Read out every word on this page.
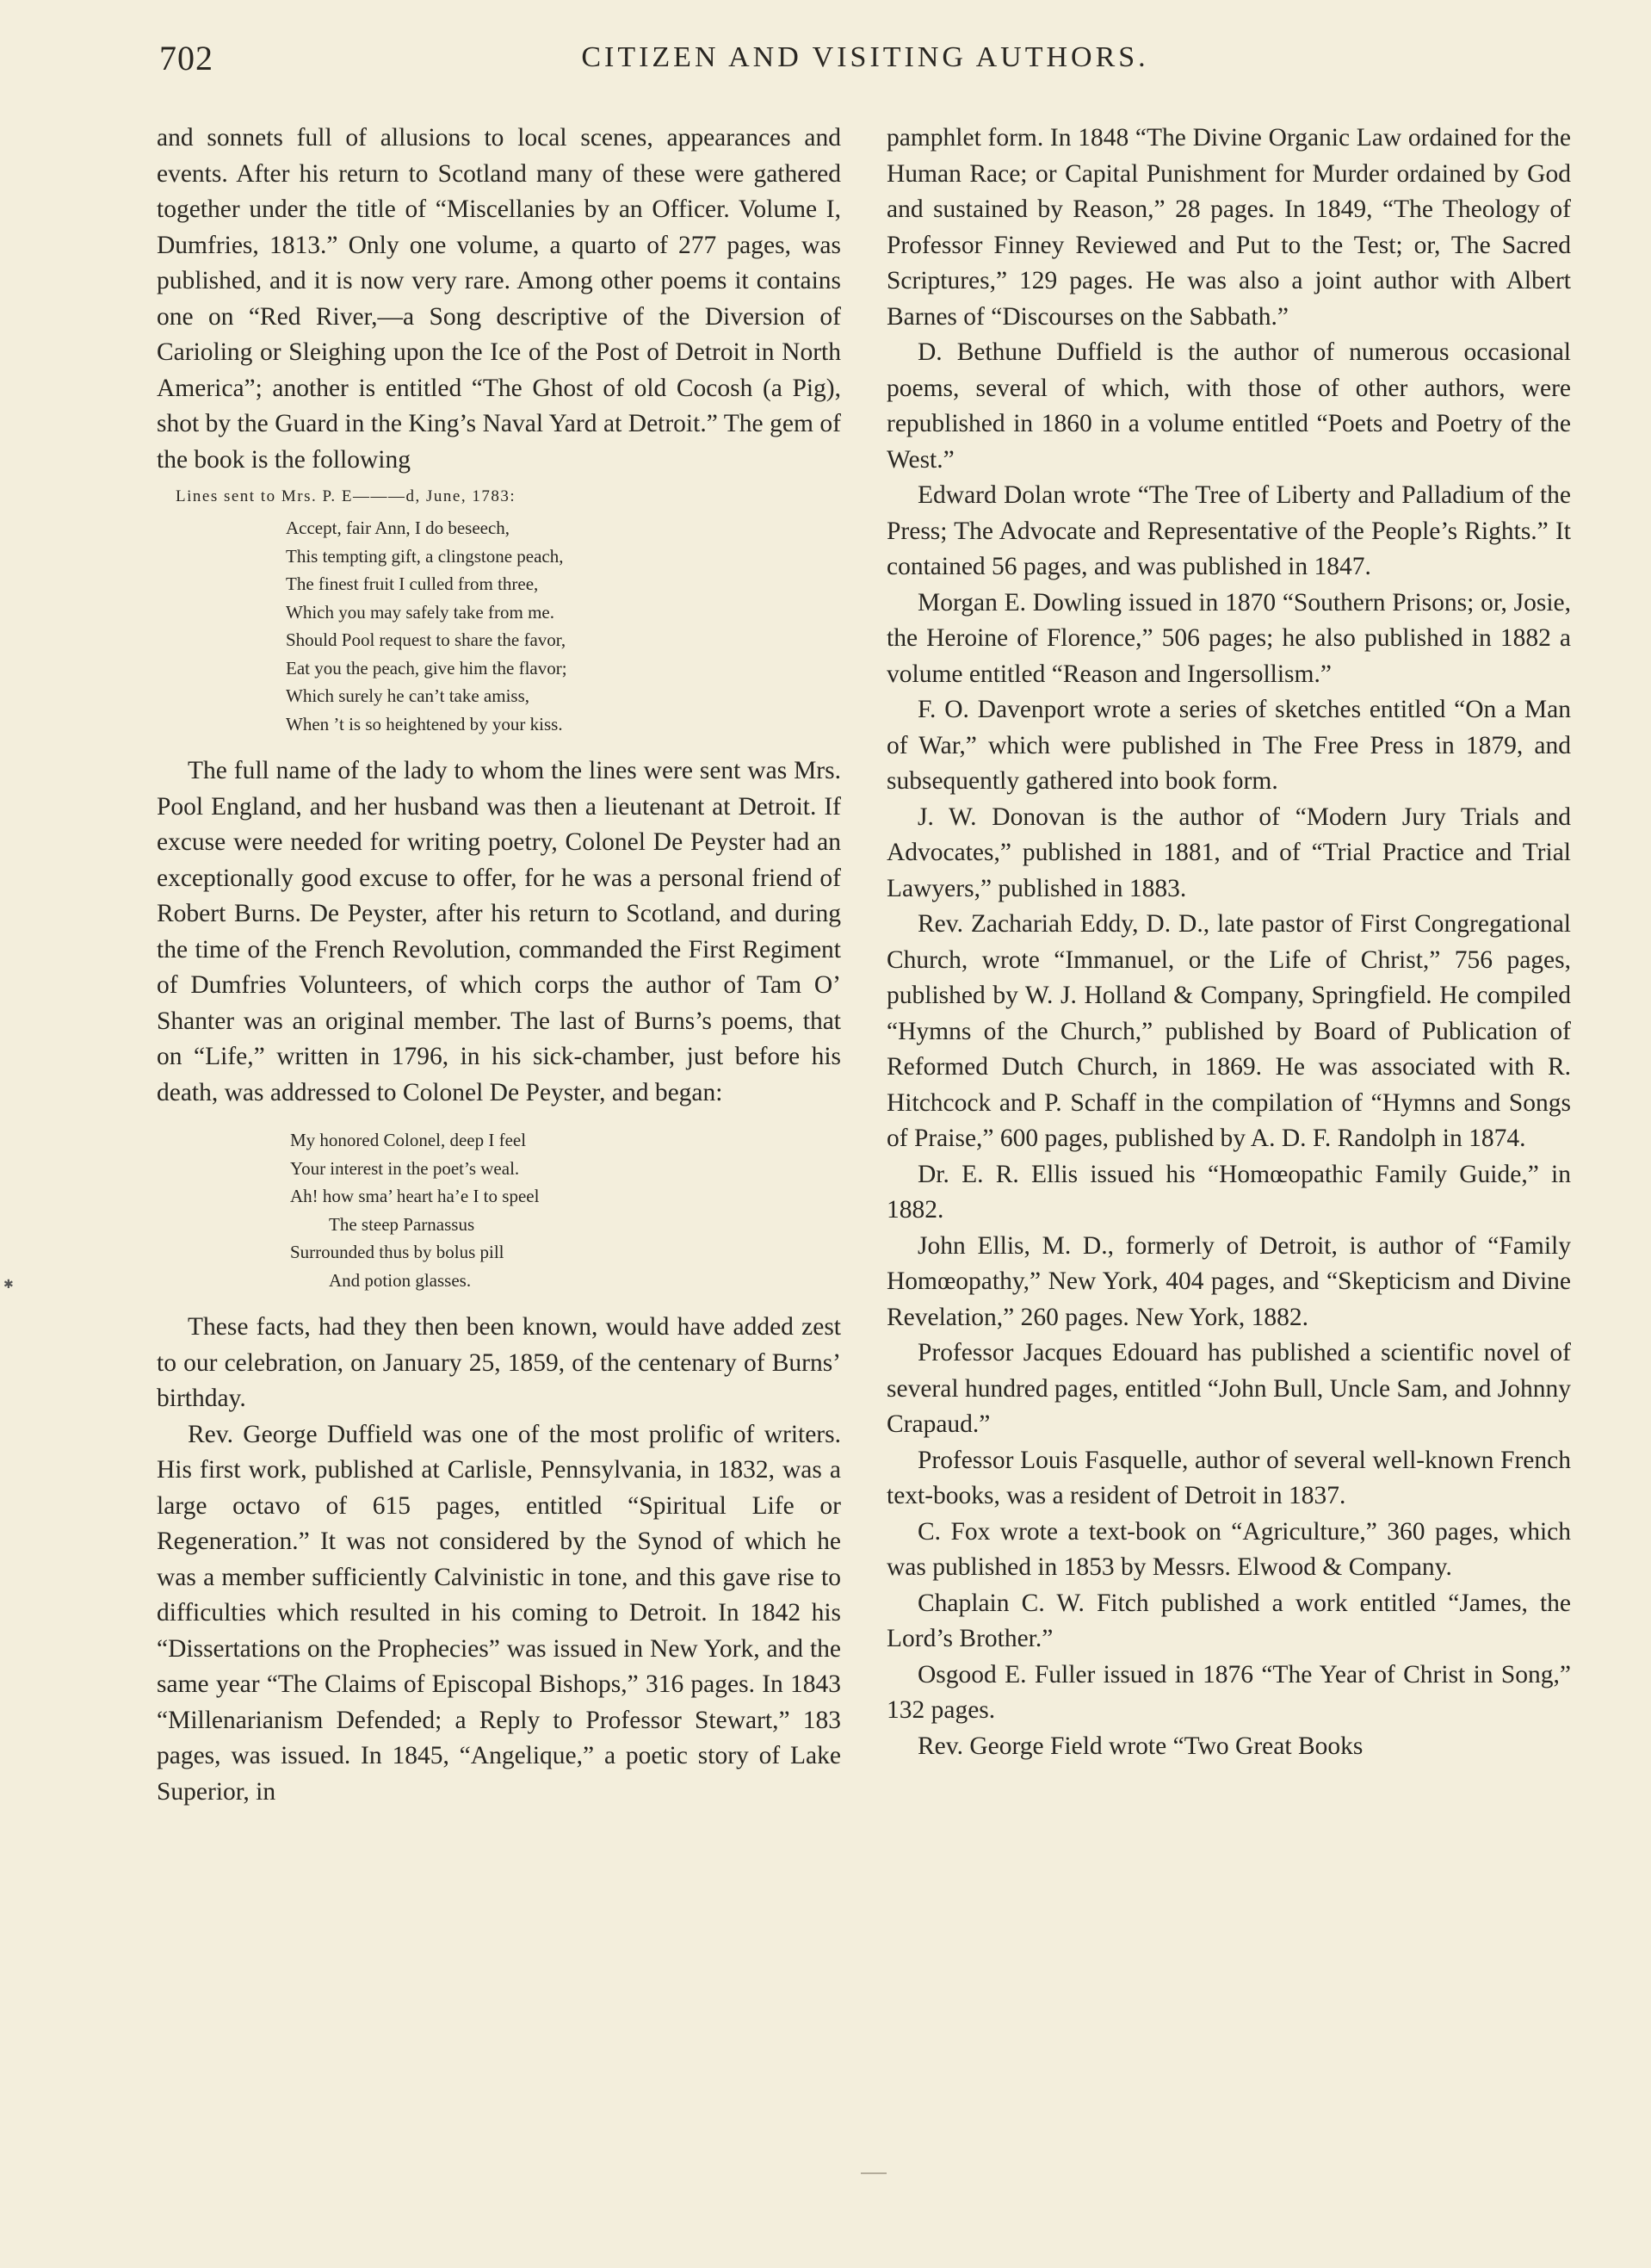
702	CITIZEN AND VISITING AUTHORS.

and sonnets full of allusions to local scenes, appearances and events. After his return to Scotland many of these were gathered together under the title of “Miscellanies by an Officer. Volume I, Dumfries, 1813.” Only one volume, a quarto of 277 pages, was published, and it is now very rare. Among other poems it contains one on “Red River,—a Song descriptive of the Diversion of Carioling or Sleighing upon the Ice of the Post of Detroit in North America”; another is entitled “The Ghost of old Cocosh (a Pig), shot by the Guard in the King’s Naval Yard at Detroit.” The gem of the book is the following

Lines sent to Mrs. P. E———d, June, 1783:
Accept, fair Ann, I do beseech,
This tempting gift, a clingstone peach,
The finest fruit I culled from three,
Which you may safely take from me.
Should Pool request to share the favor,
Eat you the peach, give him the flavor;
Which surely he can’t take amiss,
When ’t is so heightened by your kiss.

The full name of the lady to whom the lines were sent was Mrs. Pool England, and her husband was then a lieutenant at Detroit. If excuse were needed for writing poetry, Colonel De Peyster had an exceptionally good excuse to offer, for he was a personal friend of Robert Burns. De Peyster, after his return to Scotland, and during the time of the French Revolution, commanded the First Regiment of Dumfries Volunteers, of which corps the author of Tam O’ Shanter was an original member. The last of Burns’s poems, that on “Life,” written in 1796, in his sick-chamber, just before his death, was addressed to Colonel De Peyster, and began:

My honored Colonel, deep I feel
Your interest in the poet’s weal.
Ah! how sma’ heart ha’e I to speel
The steep Parnassus
Surrounded thus by bolus pill
And potion glasses.

These facts, had they then been known, would have added zest to our celebration, on January 25, 1859, of the centenary of Burns’ birthday.

Rev. George Duffield was one of the most prolific of writers. His first work, published at Carlisle, Pennsylvania, in 1832, was a large octavo of 615 pages, entitled “Spiritual Life or Regeneration.” It was not considered by the Synod of which he was a member sufficiently Calvinistic in tone, and this gave rise to difficulties which resulted in his coming to Detroit. In 1842 his “Dissertations on the Prophecies” was issued in New York, and the same year “The Claims of Episcopal Bishops,” 316 pages. In 1843 “Millenarianism Defended; a Reply to Professor Stewart,” 183 pages, was issued. In 1845, “Angelique,” a poetic story of Lake Superior, in

pamphlet form. In 1848 “The Divine Organic Law ordained for the Human Race; or Capital Punishment for Murder ordained by God and sustained by Reason,” 28 pages. In 1849, “The Theology of Professor Finney Reviewed and Put to the Test; or, The Sacred Scriptures,” 129 pages. He was also a joint author with Albert Barnes of “Discourses on the Sabbath.”

D. Bethune Duffield is the author of numerous occasional poems, several of which, with those of other authors, were republished in 1860 in a volume entitled “Poets and Poetry of the West.”

Edward Dolan wrote “The Tree of Liberty and Palladium of the Press; The Advocate and Representative of the People’s Rights.” It contained 56 pages, and was published in 1847.

Morgan E. Dowling issued in 1870 “Southern Prisons; or, Josie, the Heroine of Florence,” 506 pages; he also published in 1882 a volume entitled “Reason and Ingersollism.”

F. O. Davenport wrote a series of sketches entitled “On a Man of War,” which were published in The Free Press in 1879, and subsequently gathered into book form.

J. W. Donovan is the author of “Modern Jury Trials and Advocates,” published in 1881, and of “Trial Practice and Trial Lawyers,” published in 1883.

Rev. Zachariah Eddy, D. D., late pastor of First Congregational Church, wrote “Immanuel, or the Life of Christ,” 756 pages, published by W. J. Holland & Company, Springfield. He compiled “Hymns of the Church,” published by Board of Publication of Reformed Dutch Church, in 1869. He was associated with R. Hitchcock and P. Schaff in the compilation of “Hymns and Songs of Praise,” 600 pages, published by A. D. F. Randolph in 1874.

Dr. E. R. Ellis issued his “Homœopathic Family Guide,” in 1882.

John Ellis, M. D., formerly of Detroit, is author of “Family Homœopathy,” New York, 404 pages, and “Skepticism and Divine Revelation,” 260 pages. New York, 1882.

Professor Jacques Edouard has published a scientific novel of several hundred pages, entitled “John Bull, Uncle Sam, and Johnny Crapaud.”

Professor Louis Fasquelle, author of several well-known French text-books, was a resident of Detroit in 1837.

C. Fox wrote a text-book on “Agriculture,” 360 pages, which was published in 1853 by Messrs. Elwood & Company.

Chaplain C. W. Fitch published a work entitled “James, the Lord’s Brother.”

Osgood E. Fuller issued in 1876 “The Year of Christ in Song,” 132 pages.

Rev. George Field wrote “Two Great Books

✱
